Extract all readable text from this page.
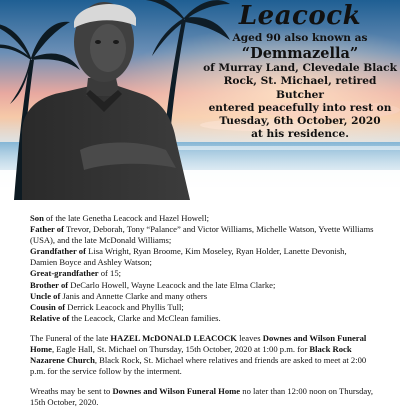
Leacock
Aged 90 also known as
“Demmazella”
of Murray Land, Clevedale Black
Rock, St. Michael, retired Butcher
entered peacefully into rest on
Tuesday, 6th October, 2020
at his residence.
Son of the late Genetha Leacock and Hazel Howell;
Father of Trevor, Deborah, Tony “Palance” and Victor Williams, Michelle Watson, Yvette Williams (USA), and the late McDonald Williams;
Grandfather of Lisa Wright, Ryan Broome, Kim Moseley, Ryan Holder, Lanette Devonish, Damien Boyce and Ashley Watson;
Great-grandfather of 15;
Brother of DeCarlo Howell, Wayne Leacock and the late Elma Clarke;
Uncle of Janis and Annette Clarke and many others
Cousin of Derrick Leacock and Phyllis Tull;
Relative of the Leacock, Clarke and McClean families.

The Funeral of the late HAZEL McDONALD LEACOCK leaves Downes and Wilson Funeral Home, Eagle Hall, St. Michael on Thursday, 15th October, 2020 at 1:00 p.m. for Black Rock Nazarene Church, Black Rock, St. Michael where relatives and friends are asked to meet at 2:00 p.m. for the service follow by the interment.

Wreaths may be sent to Downes and Wilson Funeral Home no later than 12:00 noon on Thursday, 15th October, 2020.
